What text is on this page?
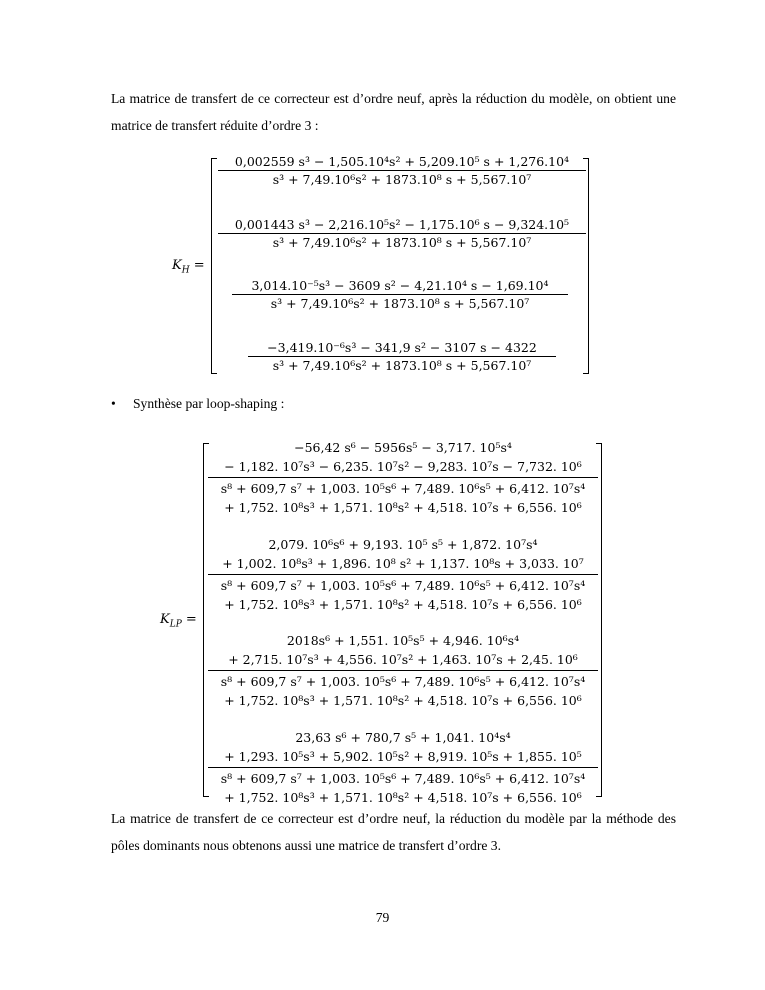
La matrice de transfert de ce correcteur est d’ordre neuf, après la réduction du modèle, on obtient une matrice de transfert réduite d’ordre 3 :
$K_H$ =
0,002559 s³ − 1,505.10⁴s² + 5,209.10⁵ s + 1,276.10⁴
s³ + 7,49.10⁶s² + 1873.10⁸ s + 5,567.10⁷
0,001443 s³ − 2,216.10⁵s² − 1,175.10⁶ s − 9,324.10⁵
s³ + 7,49.10⁶s² + 1873.10⁸ s + 5,567.10⁷
3,014.10⁻⁵s³ − 3609 s² − 4,21.10⁴ s − 1,69.10⁴
s³ + 7,49.10⁶s² + 1873.10⁸ s + 5,567.10⁷
−3,419.10⁻⁶s³ − 341,9 s² − 3107 s − 4322
s³ + 7,49.10⁶s² + 1873.10⁸ s + 5,567.10⁷
• Synthèse par loop-shaping :
$K_{LP}$ =
−56,42 s⁶ − 5956s⁵ − 3,717. 10⁵s⁴
− 1,182. 10⁷s³ − 6,235. 10⁷s² − 9,283. 10⁷s − 7,732. 10⁶
s⁸ + 609,7 s⁷ + 1,003. 10⁵s⁶ + 7,489. 10⁶s⁵ + 6,412. 10⁷s⁴
+ 1,752. 10⁸s³ + 1,571. 10⁸s² + 4,518. 10⁷s + 6,556. 10⁶
2,079. 10⁶s⁶ + 9,193. 10⁵ s⁵ + 1,872. 10⁷s⁴
+ 1,002. 10⁸s³ + 1,896. 10⁸ s² + 1,137. 10⁸s + 3,033. 10⁷
s⁸ + 609,7 s⁷ + 1,003. 10⁵s⁶ + 7,489. 10⁶s⁵ + 6,412. 10⁷s⁴
+ 1,752. 10⁸s³ + 1,571. 10⁸s² + 4,518. 10⁷s + 6,556. 10⁶
2018s⁶ + 1,551. 10⁵s⁵ + 4,946. 10⁶s⁴
+ 2,715. 10⁷s³ + 4,556. 10⁷s² + 1,463. 10⁷s + 2,45. 10⁶
s⁸ + 609,7 s⁷ + 1,003. 10⁵s⁶ + 7,489. 10⁶s⁵ + 6,412. 10⁷s⁴
+ 1,752. 10⁸s³ + 1,571. 10⁸s² + 4,518. 10⁷s + 6,556. 10⁶
23,63 s⁶ + 780,7 s⁵ + 1,041. 10⁴s⁴
+ 1,293. 10⁵s³ + 5,902. 10⁵s² + 8,919. 10⁵s + 1,855. 10⁵
s⁸ + 609,7 s⁷ + 1,003. 10⁵s⁶ + 7,489. 10⁶s⁵ + 6,412. 10⁷s⁴
+ 1,752. 10⁸s³ + 1,571. 10⁸s² + 4,518. 10⁷s + 6,556. 10⁶
La matrice de transfert de ce correcteur est d’ordre neuf, la réduction du modèle par la méthode des pôles dominants nous obtenons aussi une matrice de transfert d’ordre 3.
79
